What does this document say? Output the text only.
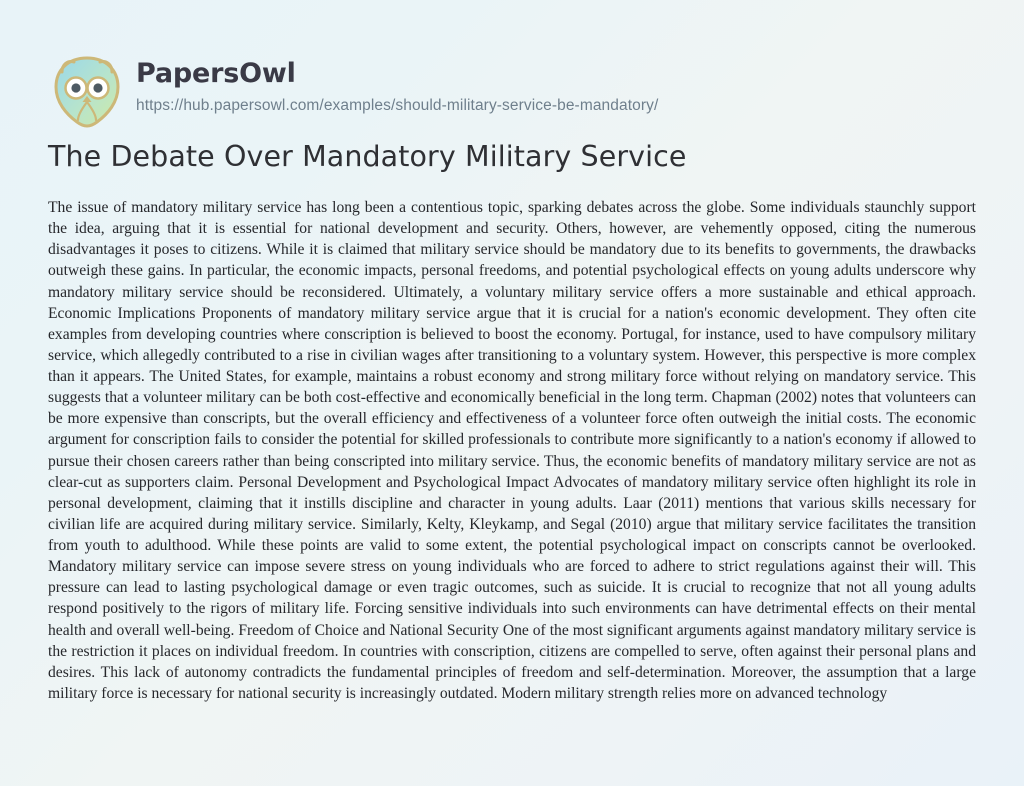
PapersOwl
https://hub.papersowl.com/examples/should-military-service-be-mandatory/
The Debate Over Mandatory Military Service
The issue of mandatory military service has long been a contentious topic, sparking debates across the globe. Some individuals staunchly support the idea, arguing that it is essential for national development and security. Others, however, are vehemently opposed, citing the numerous disadvantages it poses to citizens. While it is claimed that military service should be mandatory due to its benefits to governments, the drawbacks outweigh these gains. In particular, the economic impacts, personal freedoms, and potential psychological effects on young adults underscore why mandatory military service should be reconsidered. Ultimately, a voluntary military service offers a more sustainable and ethical approach. Economic Implications Proponents of mandatory military service argue that it is crucial for a nation's economic development. They often cite examples from developing countries where conscription is believed to boost the economy. Portugal, for instance, used to have compulsory military service, which allegedly contributed to a rise in civilian wages after transitioning to a voluntary system. However, this perspective is more complex than it appears. The United States, for example, maintains a robust economy and strong military force without relying on mandatory service. This suggests that a volunteer military can be both cost-effective and economically beneficial in the long term. Chapman (2002) notes that volunteers can be more expensive than conscripts, but the overall efficiency and effectiveness of a volunteer force often outweigh the initial costs. The economic argument for conscription fails to consider the potential for skilled professionals to contribute more significantly to a nation's economy if allowed to pursue their chosen careers rather than being conscripted into military service. Thus, the economic benefits of mandatory military service are not as clear-cut as supporters claim. Personal Development and Psychological Impact Advocates of mandatory military service often highlight its role in personal development, claiming that it instills discipline and character in young adults. Laar (2011) mentions that various skills necessary for civilian life are acquired during military service. Similarly, Kelty, Kleykamp, and Segal (2010) argue that military service facilitates the transition from youth to adulthood. While these points are valid to some extent, the potential psychological impact on conscripts cannot be overlooked. Mandatory military service can impose severe stress on young individuals who are forced to adhere to strict regulations against their will. This pressure can lead to lasting psychological damage or even tragic outcomes, such as suicide. It is crucial to recognize that not all young adults respond positively to the rigors of military life. Forcing sensitive individuals into such environments can have detrimental effects on their mental health and overall well-being. Freedom of Choice and National Security One of the most significant arguments against mandatory military service is the restriction it places on individual freedom. In countries with conscription, citizens are compelled to serve, often against their personal plans and desires. This lack of autonomy contradicts the fundamental principles of freedom and self-determination. Moreover, the assumption that a large military force is necessary for national security is increasingly outdated. Modern military strength relies more on advanced technology
